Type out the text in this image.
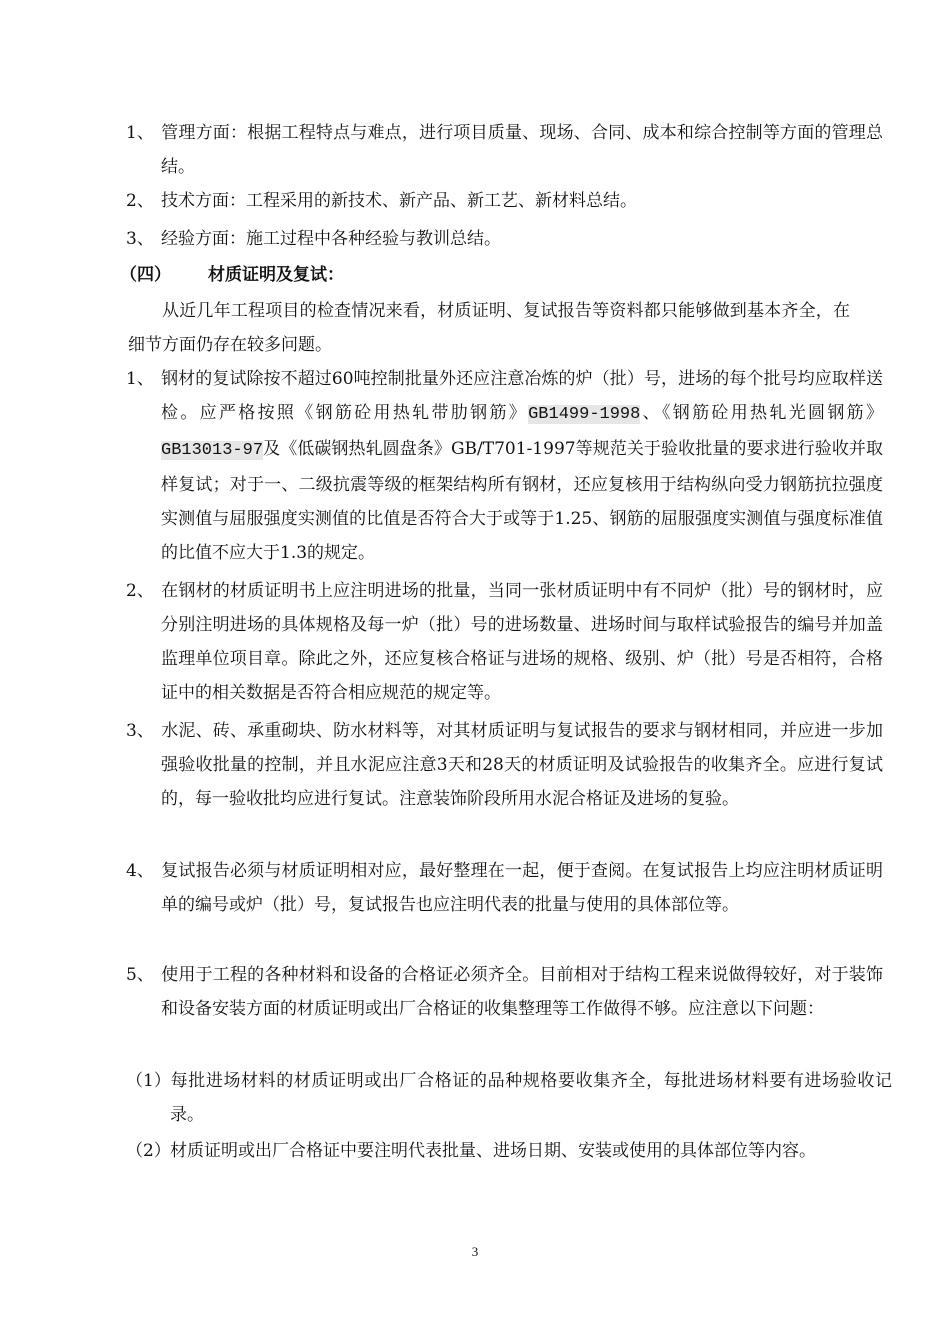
1、 管理方面：根据工程特点与难点，进行项目质量、现场、合同、成本和综合控制等方面的管理总结。

2、 技术方面：工程采用的新技术、新产品、新工艺、新材料总结。

3、 经验方面：施工过程中各种经验与教训总结。

（四） 材质证明及复试：

从近几年工程项目的检查情况来看，材质证明、复试报告等资料都只能够做到基本齐全，在细节方面仍存在较多问题。

1、 钢材的复试除按不超过60吨控制批量外还应注意冶炼的炉（批）号，进场的每个批号均应取样送检。应严格按照《钢筋砼用热轧带肋钢筋》GB1499-1998、《钢筋砼用热轧光圆钢筋》GB13013-97及《低碳钢热轧圆盘条》GB/T701-1997等规范关于验收批量的要求进行验收并取样复试；对于一、二级抗震等级的框架结构所有钢材，还应复核用于结构纵向受力钢筋抗拉强度实测值与屈服强度实测值的比值是否符合大于或等于1.25、钢筋的屈服强度实测值与强度标准值的比值不应大于1.3的规定。

2、 在钢材的材质证明书上应注明进场的批量，当同一张材质证明中有不同炉（批）号的钢材时，应分别注明进场的具体规格及每一炉（批）号的进场数量、进场时间与取样试验报告的编号并加盖监理单位项目章。除此之外，还应复核合格证与进场的规格、级别、炉（批）号是否相符，合格证中的相关数据是否符合相应规范的规定等。

3、 水泥、砖、承重砌块、防水材料等，对其材质证明与复试报告的要求与钢材相同，并应进一步加强验收批量的控制，并且水泥应注意3天和28天的材质证明及试验报告的收集齐全。应进行复试的，每一验收批均应进行复试。注意装饰阶段所用水泥合格证及进场的复验。

4、 复试报告必须与材质证明相对应，最好整理在一起，便于查阅。在复试报告上均应注明材质证明单的编号或炉（批）号，复试报告也应注明代表的批量与使用的具体部位等。

5、 使用于工程的各种材料和设备的合格证必须齐全。目前相对于结构工程来说做得较好，对于装饰和设备安装方面的材质证明或出厂合格证的收集整理等工作做得不够。应注意以下问题：

（1）每批进场材料的材质证明或出厂合格证的品种规格要收集齐全，每批进场材料要有进场验收记录。

（2）材质证明或出厂合格证中要注明代表批量、进场日期、安装或使用的具体部位等内容。

3
